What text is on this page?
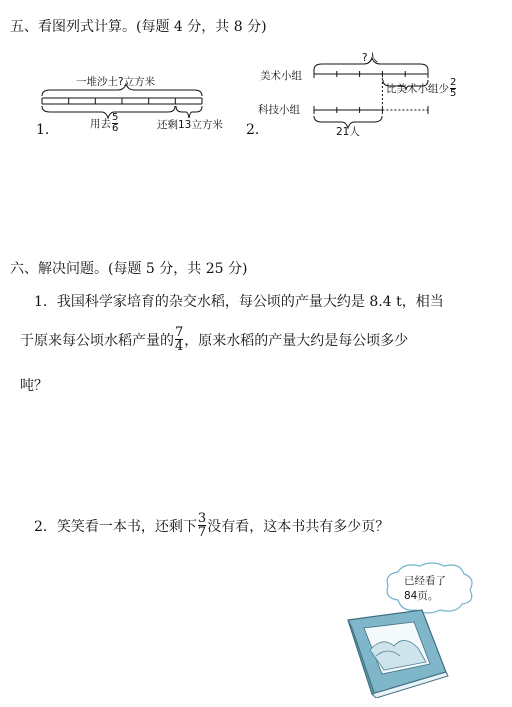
五、看图列式计算。(每题 4 分，共 8 分)
一堆沙土?立方米
1.	用去 $\frac{5}{6}$	还剩13立方米
?人
美术小组
科技小组
比美术小组少 $\frac{2}{5}$
2.	21人
六、解决问题。(每题 5 分，共 25 分)
1．我国科学家培育的杂交水稻，每公顷的产量大约是 8.4 t，相当
于原来每公顷水稻产量的 $\frac{7}{4}$ ，原来水稻的产量大约是每公顷多少
吨？
2．笑笑看一本书，还剩下 $\frac{3}{7}$ 没有看，这本书共有多少页？
已经看了
84页。
